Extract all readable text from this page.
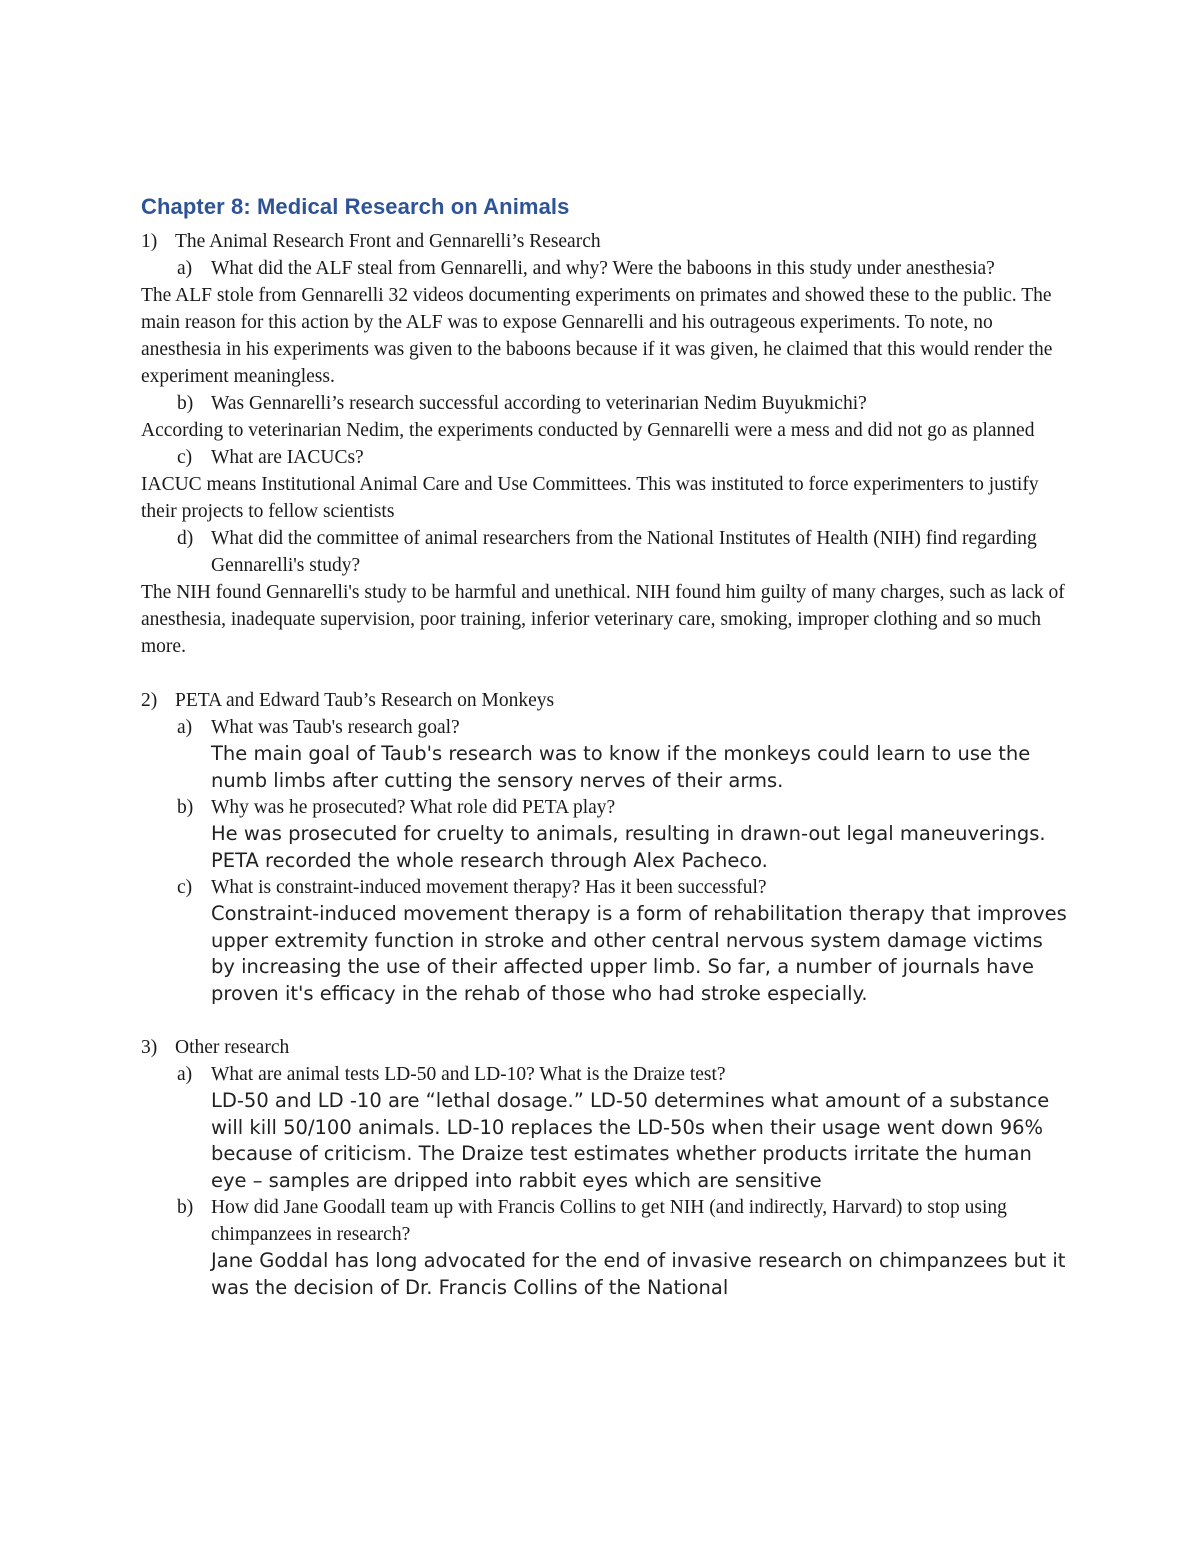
Chapter 8: Medical Research on Animals
1) The Animal Research Front and Gennarelli’s Research
a) What did the ALF steal from Gennarelli, and why? Were the baboons in this study under anesthesia?

The ALF stole from Gennarelli 32 videos documenting experiments on primates and showed these to the public. The main reason for this action by the ALF was to expose Gennarelli and his outrageous experiments. To note, no anesthesia in his experiments was given to the baboons because if it was given, he claimed that this would render the experiment meaningless.

b) Was Gennarelli’s research successful according to veterinarian Nedim Buyukmichi?

According to veterinarian Nedim, the experiments conducted by Gennarelli were a mess and did not go as planned

c) What are IACUCs?

IACUC means Institutional Animal Care and Use Committees. This was instituted to force experimenters to justify their projects to fellow scientists

d) What did the committee of animal researchers from the National Institutes of Health (NIH) find regarding Gennarelli's study?

The NIH found Gennarelli's study to be harmful and unethical. NIH found him guilty of many charges, such as lack of anesthesia, inadequate supervision, poor training, inferior veterinary care, smoking, improper clothing and so much more.

2) PETA and Edward Taub’s Research on Monkeys
a) What was Taub's research goal?
The main goal of Taub's research was to know if the monkeys could learn to use the numb limbs after cutting the sensory nerves of their arms.
b) Why was he prosecuted? What role did PETA play?
He was prosecuted for cruelty to animals, resulting in drawn-out legal maneuverings. PETA recorded the whole research through Alex Pacheco.
c) What is constraint-induced movement therapy? Has it been successful?
Constraint-induced movement therapy is a form of rehabilitation therapy that improves upper extremity function in stroke and other central nervous system damage victims by increasing the use of their affected upper limb. So far, a number of journals have proven it's efficacy in the rehab of those who had stroke especially.
3) Other research
a) What are animal tests LD-50 and LD-10? What is the Draize test?
LD-50 and LD -10 are “lethal dosage.” LD-50 determines what amount of a substance will kill 50/100 animals. LD-10 replaces the LD-50s when their usage went down 96% because of criticism. The Draize test estimates whether products irritate the human eye – samples are dripped into rabbit eyes which are sensitive
b) How did Jane Goodall team up with Francis Collins to get NIH (and indirectly, Harvard) to stop using chimpanzees in research?
Jane Goddal has long advocated for the end of invasive research on chimpanzees but it was the decision of Dr. Francis Collins of the National
